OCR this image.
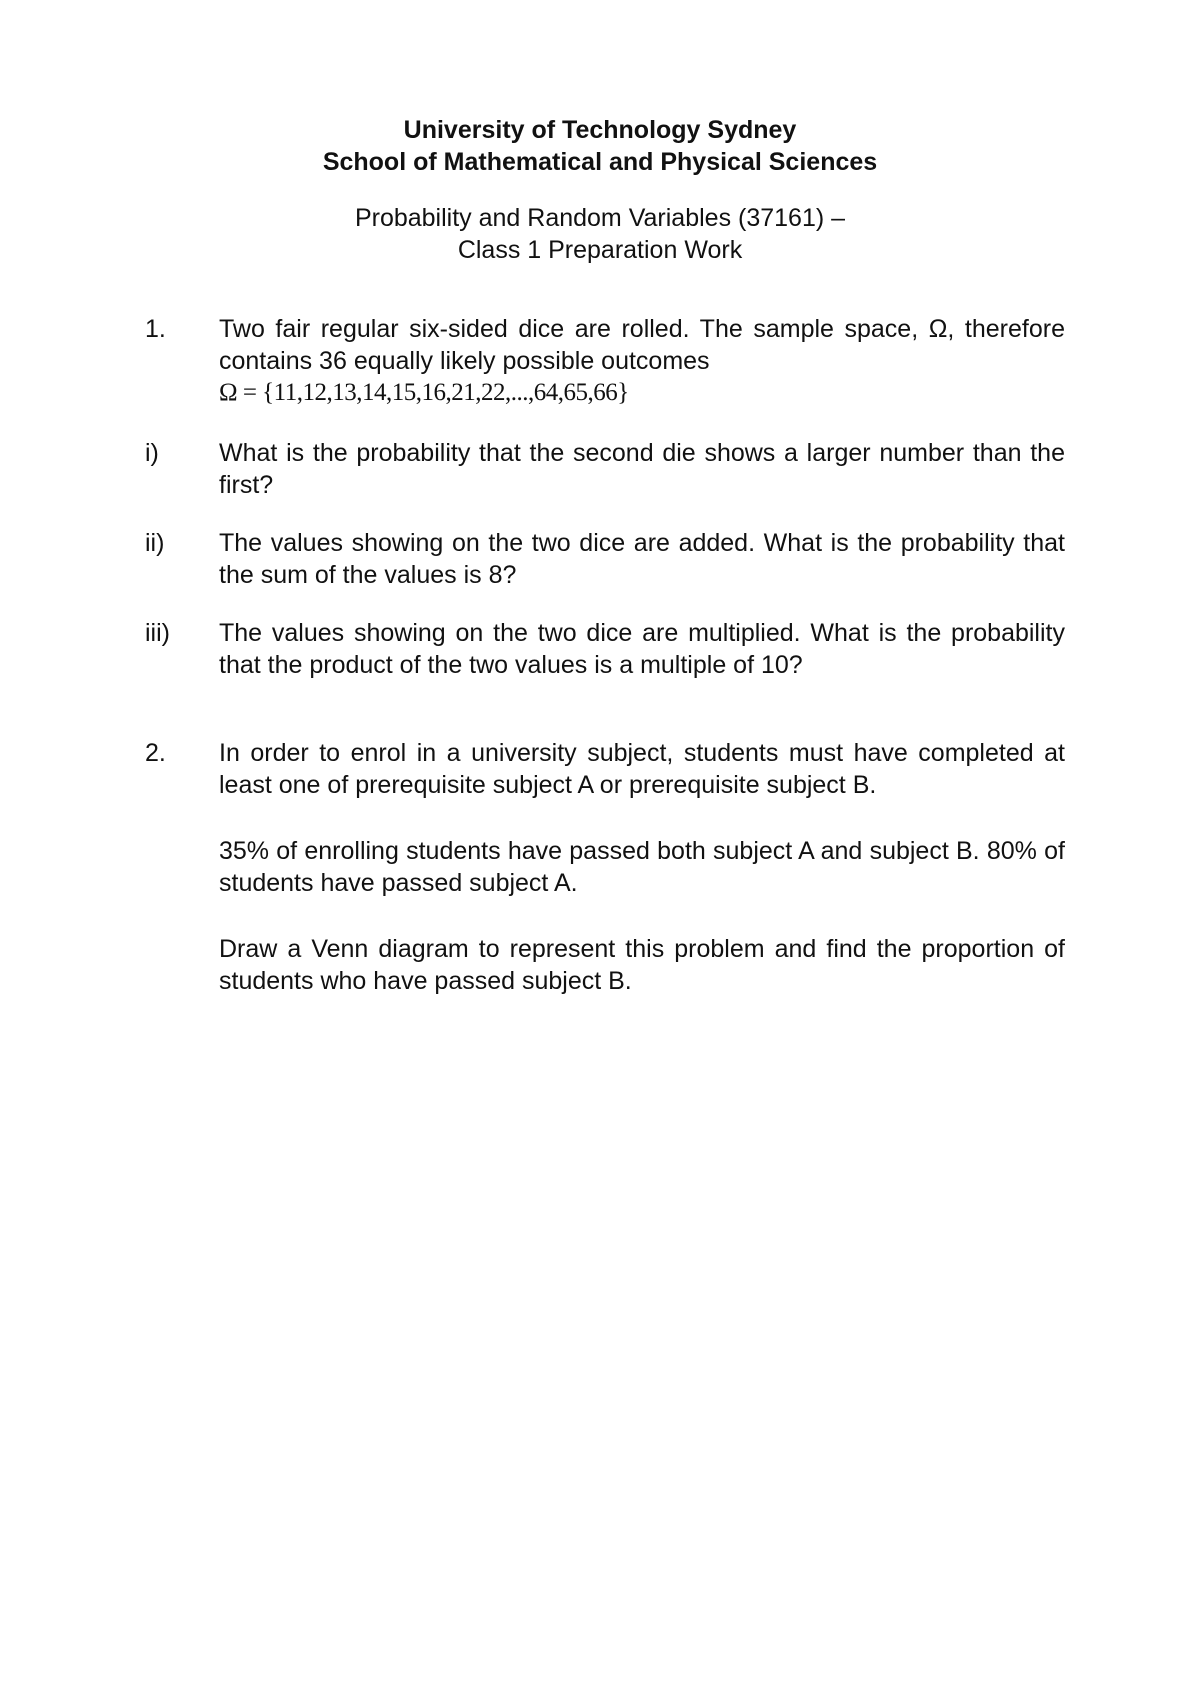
University of Technology Sydney
School of Mathematical and Physical Sciences
Probability and Random Variables (37161) –
Class 1 Preparation Work
1.	Two fair regular six-sided dice are rolled. The sample space, Ω, therefore contains 36 equally likely possible outcomes

Ω = {11,12,13,14,15,16,21,22,...,64,65,66}

i)	What is the probability that the second die shows a larger number than the first?

ii)	The values showing on the two dice are added. What is the probability that the sum of the values is 8?

iii)	The values showing on the two dice are multiplied. What is the probability that the product of the two values is a multiple of 10?

2.	In order to enrol in a university subject, students must have completed at least one of prerequisite subject A or prerequisite subject B.

35% of enrolling students have passed both subject A and subject B. 80% of students have passed subject A.

Draw a Venn diagram to represent this problem and find the proportion of students who have passed subject B.
